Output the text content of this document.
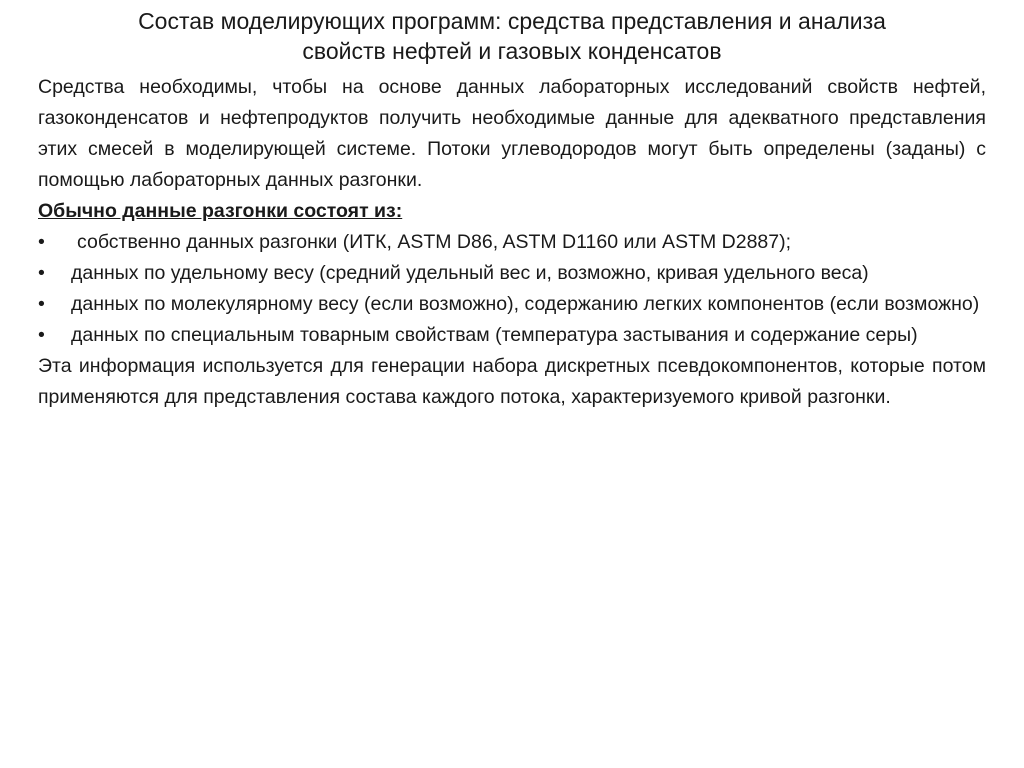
Состав моделирующих программ: средства представления и анализа
свойств нефтей и газовых конденсатов

Средства необходимы, чтобы на основе данных лабораторных исследований свойств нефтей, газоконденсатов и нефтепродуктов получить необходимые данные для адекватного представления этих смесей в моделирующей системе. Потоки углеводородов могут быть определены (заданы) с помощью лабораторных данных разгонки.

Обычно данные разгонки состоят из:

•	собственно данных разгонки (ИТК, ASTM D86, ASTM D1160 или ASTM D2887);
•	данных по удельному весу (средний удельный вес и, возможно, кривая удельного веса)
•	данных по молекулярному весу (если возможно), содержанию легких компонентов (если возможно)
•	данных по специальным товарным свойствам (температура застывания и содержание серы)

Эта информация используется для генерации набора дискретных псевдокомпонентов, которые потом применяются для представления состава каждого потока, характеризуемого кривой разгонки.
